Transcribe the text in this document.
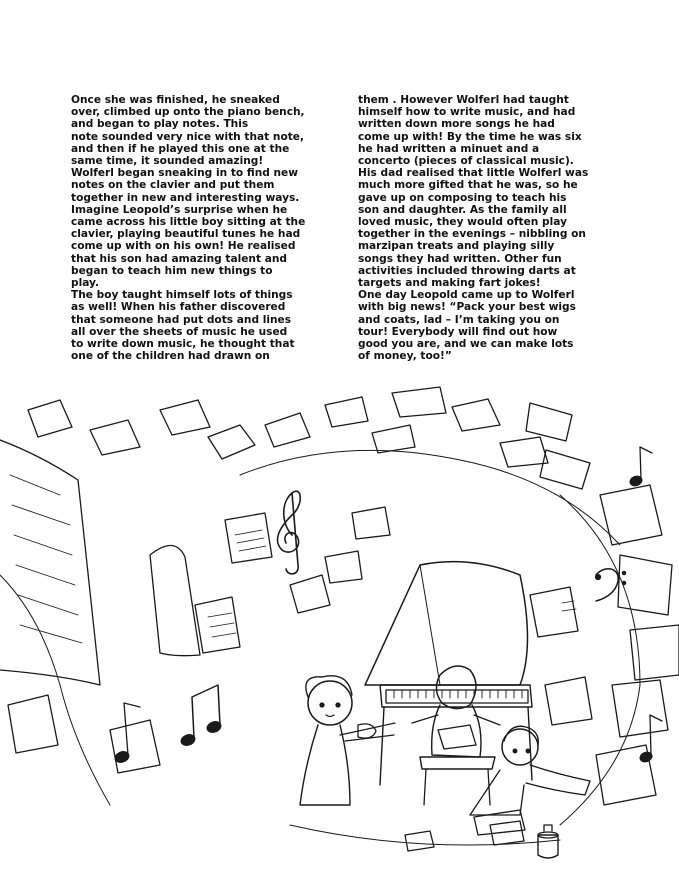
Once she was finished, he sneaked
over, climbed up onto the piano bench,
and began to play notes. This
note sounded very nice with that note,
and then if he played this one at the
same time, it sounded amazing!
Wolferl began sneaking in to find new
notes on the clavier and put them
together in new and interesting ways.
Imagine Leopold’s surprise when he
came across his little boy sitting at the
clavier, playing beautiful tunes he had
come up with on his own! He realised
that his son had amazing talent and
began to teach him new things to
play.
The boy taught himself lots of things
as well! When his father discovered
that someone had put dots and lines
all over the sheets of music he used
to write down music, he thought that
one of the children had drawn on
them . However Wolferl had taught
himself how to write music, and had
written down more songs he had
come up with! By the time he was six
he had written a minuet and a
concerto (pieces of classical music).
His dad realised that little Wolferl was
much more gifted that he was, so he
gave up on composing to teach his
son and daughter. As the family all
loved music, they would often play
together in the evenings – nibbling on
marzipan treats and playing silly
songs they had written. Other fun
activities included throwing darts at
targets and making fart jokes!
One day Leopold came up to Wolferl
with big news! “Pack your best wigs
and coats, lad – I’m taking you on
tour! Everybody will find out how
good you are, and we can make lots
of money, too!”
